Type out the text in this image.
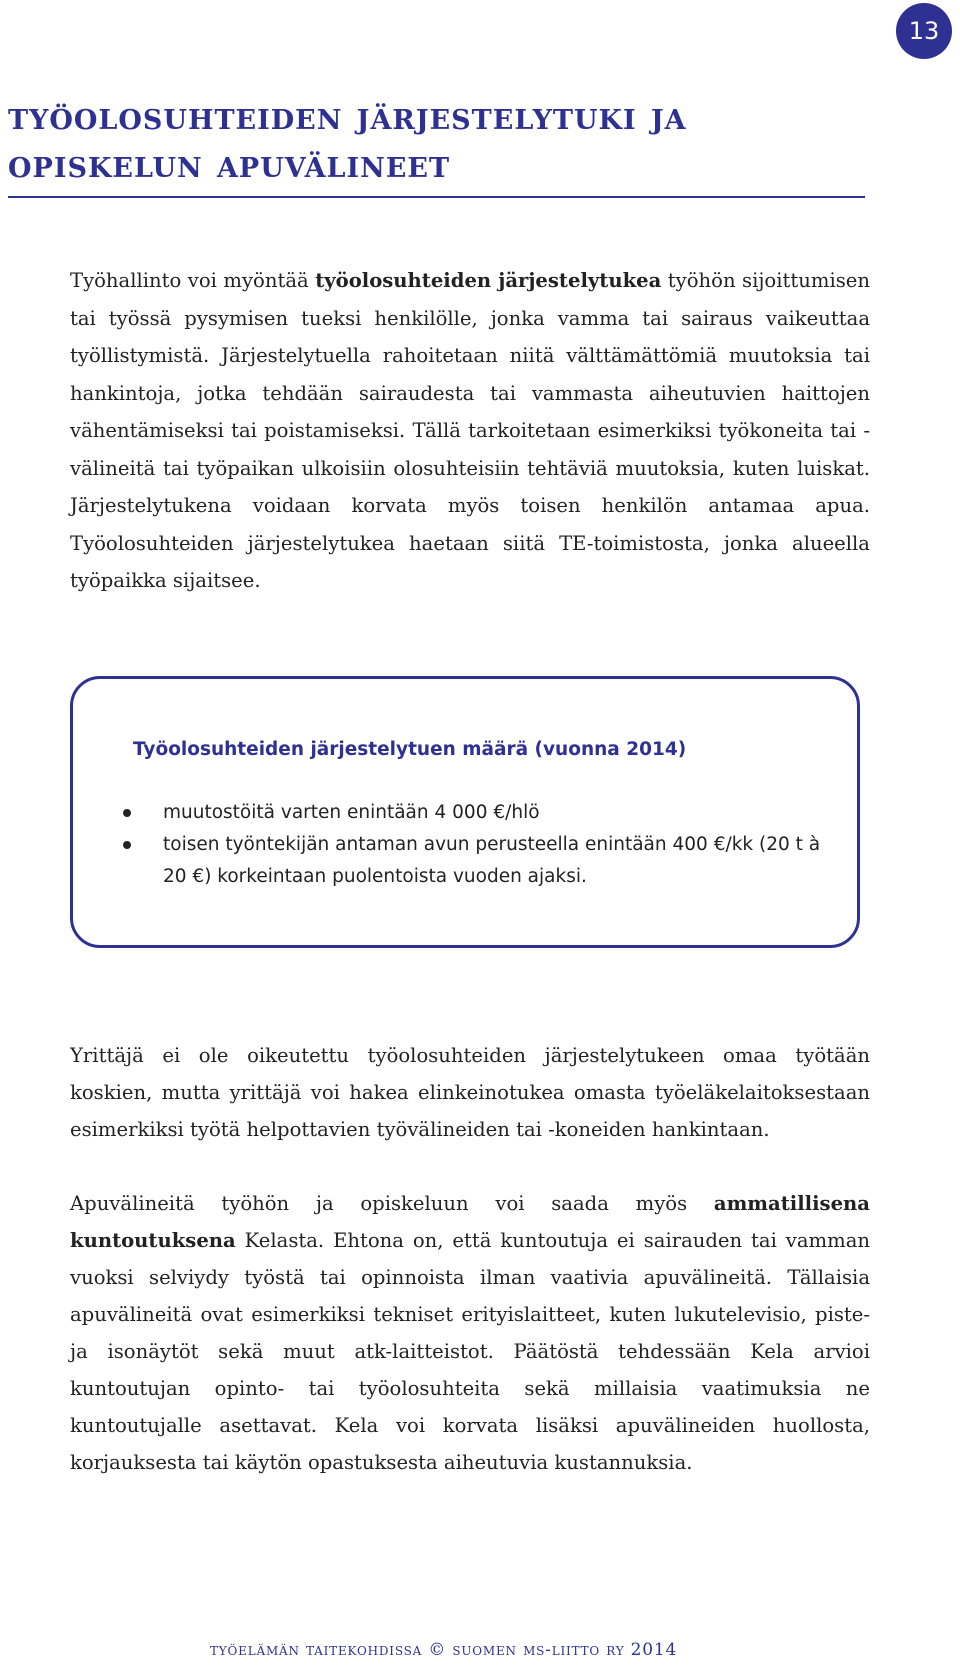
13
työolosuhteiden järjestelytuki ja
opiskelun apuvälineet

Työhallinto voi myöntää työolosuhteiden järjestelytukea työhön sijoittumisen tai työssä pysymisen tueksi henkilölle, jonka vamma tai sairaus vaikeuttaa työllistymistä. Järjestelytuella rahoitetaan niitä välttämättömiä muutoksia tai hankintoja, jotka tehdään sairaudesta tai vammasta aiheutuvien haittojen vähentämiseksi tai poistamiseksi. Tällä tarkoitetaan esimerkiksi työkoneita tai -välineitä tai työpaikan ulkoisiin olosuhteisiin tehtäviä muutoksia, kuten luiskat. Järjestelytukena voidaan korvata myös toisen henkilön antamaa apua. Työolosuhteiden järjestelytukea haetaan siitä TE-toimistosta, jonka alueella työpaikka sijaitsee.

Työolosuhteiden järjestelytuen määrä (vuonna 2014)
muutostöitä varten enintään 4 000 €/hlö
toisen työntekijän antaman avun perusteella enintään 400 €/kk (20 t à 20 €) korkeintaan puolentoista vuoden ajaksi.

Yrittäjä ei ole oikeutettu työolosuhteiden järjestelytukeen omaa työtään koskien, mutta yrittäjä voi hakea elinkeinotukea omasta työeläkelaitoksestaan esimerkiksi työtä helpottavien työvälineiden tai -koneiden hankintaan.

Apuvälineitä työhön ja opiskeluun voi saada myös ammatillisena kuntoutuksena Kelasta. Ehtona on, että kuntoutuja ei sairauden tai vamman vuoksi selviydy työstä tai opinnoista ilman vaativia apuvälineitä. Tällaisia apuvälineitä ovat esimerkiksi tekniset erityislaitteet, kuten lukutelevisio, piste- ja isonäytöt sekä muut atk-laitteistot. Päätöstä tehdessään Kela arvioi kuntoutujan opinto- tai työolosuhteita sekä millaisia vaatimuksia ne kuntoutujalle asettavat. Kela voi korvata lisäksi apuvälineiden huollosta, korjauksesta tai käytön opastuksesta aiheutuvia kustannuksia.

työelämän taitekohdissa © suomen ms-liitto ry 2014
